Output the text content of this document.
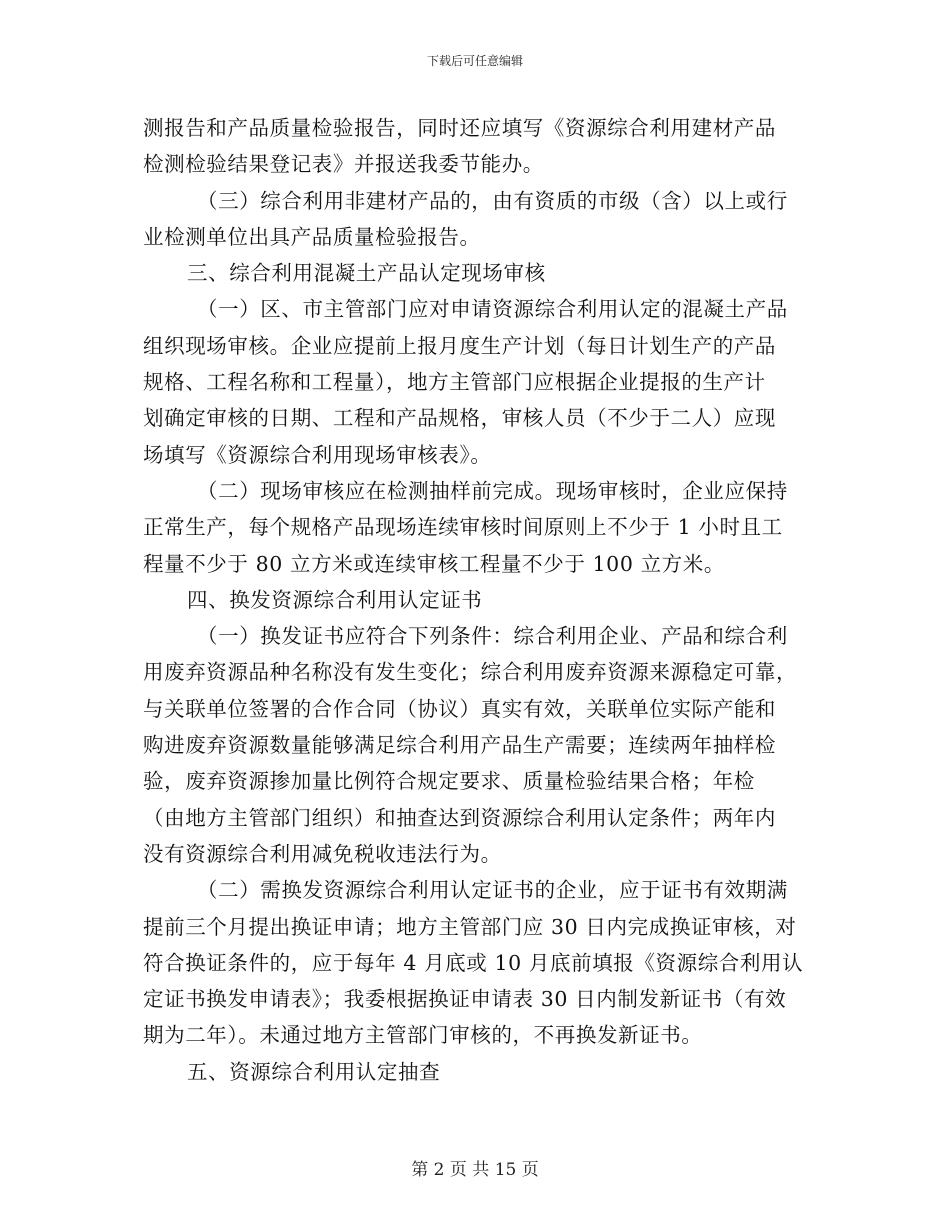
下载后可任意编辑
测报告和产品质量检验报告，同时还应填写《资源综合利用建材产品
检测检验结果登记表》并报送我委节能办。
（三）综合利用非建材产品的，由有资质的市级（含）以上或行
业检测单位出具产品质量检验报告。
三、综合利用混凝土产品认定现场审核
（一）区、市主管部门应对申请资源综合利用认定的混凝土产品
组织现场审核。企业应提前上报月度生产计划（每日计划生产的产品
规格、工程名称和工程量），地方主管部门应根据企业提报的生产计
划确定审核的日期、工程和产品规格，审核人员（不少于二人）应现
场填写《资源综合利用现场审核表》。
（二）现场审核应在检测抽样前完成。现场审核时，企业应保持
正常生产，每个规格产品现场连续审核时间原则上不少于 1 小时且工
程量不少于 80 立方米或连续审核工程量不少于 100 立方米。
四、换发资源综合利用认定证书
（一）换发证书应符合下列条件：综合利用企业、产品和综合利
用废弃资源品种名称没有发生变化；综合利用废弃资源来源稳定可靠，
与关联单位签署的合作合同（协议）真实有效，关联单位实际产能和
购进废弃资源数量能够满足综合利用产品生产需要；连续两年抽样检
验，废弃资源掺加量比例符合规定要求、质量检验结果合格；年检
（由地方主管部门组织）和抽查达到资源综合利用认定条件；两年内
没有资源综合利用减免税收违法行为。
（二）需换发资源综合利用认定证书的企业，应于证书有效期满
提前三个月提出换证申请；地方主管部门应 30 日内完成换证审核，对
符合换证条件的，应于每年 4 月底或 10 月底前填报《资源综合利用认
定证书换发申请表》；我委根据换证申请表 30 日内制发新证书（有效
期为二年）。未通过地方主管部门审核的，不再换发新证书。
五、资源综合利用认定抽查
第 2 页 共 15 页
